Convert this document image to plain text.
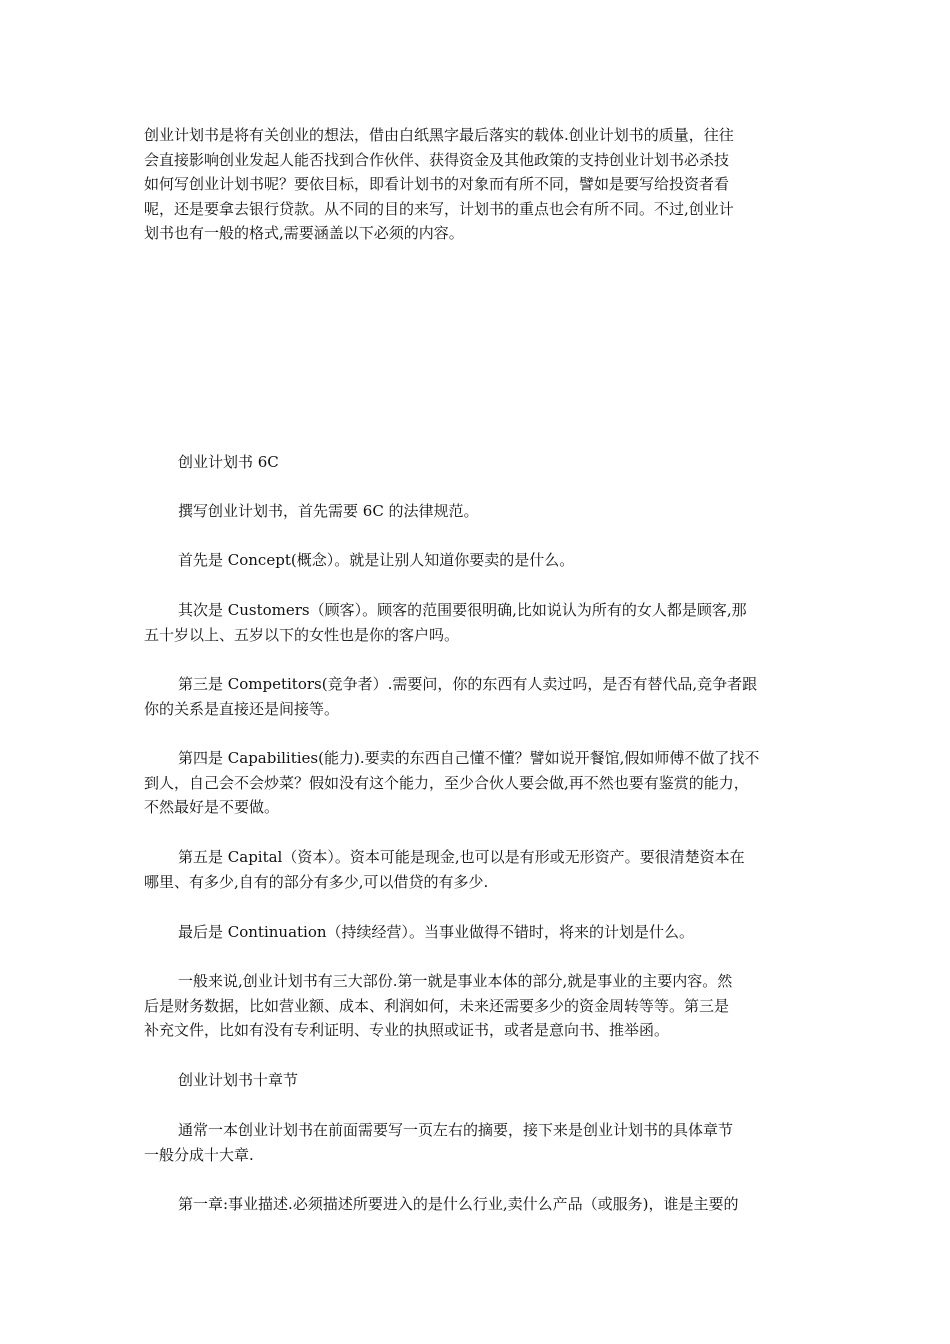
创业计划书是将有关创业的想法，借由白纸黑字最后落实的载体.创业计划书的质量，往往
会直接影响创业发起人能否找到合作伙伴、获得资金及其他政策的支持创业计划书必杀技
如何写创业计划书呢？要依目标，即看计划书的对象而有所不同，譬如是要写给投资者看
呢，还是要拿去银行贷款。从不同的目的来写，计划书的重点也会有所不同。不过,创业计
划书也有一般的格式,需要涵盖以下必须的内容。

创业计划书 6C

撰写创业计划书，首先需要 6C 的法律规范。

首先是 Concept(概念）。就是让别人知道你要卖的是什么。

其次是 Customers（顾客）。顾客的范围要很明确,比如说认为所有的女人都是顾客,那
五十岁以上、五岁以下的女性也是你的客户吗。

第三是 Competitors(竞争者）.需要问，你的东西有人卖过吗，是否有替代品,竞争者跟
你的关系是直接还是间接等。

第四是 Capabilities(能力).要卖的东西自己懂不懂？譬如说开餐馆,假如师傅不做了找不
到人，自己会不会炒菜？假如没有这个能力，至少合伙人要会做,再不然也要有鉴赏的能力，
不然最好是不要做。

第五是 Capital（资本）。资本可能是现金,也可以是有形或无形资产。要很清楚资本在
哪里、有多少,自有的部分有多少,可以借贷的有多少.

最后是 Continuation（持续经营）。当事业做得不错时，将来的计划是什么。

一般来说,创业计划书有三大部份.第一就是事业本体的部分,就是事业的主要内容。然
后是财务数据，比如营业额、成本、利润如何，未来还需要多少的资金周转等等。第三是
补充文件，比如有没有专利证明、专业的执照或证书，或者是意向书、推举函。

创业计划书十章节

通常一本创业计划书在前面需要写一页左右的摘要，接下来是创业计划书的具体章节
一般分成十大章.

第一章:事业描述.必须描述所要进入的是什么行业,卖什么产品（或服务)，谁是主要的
